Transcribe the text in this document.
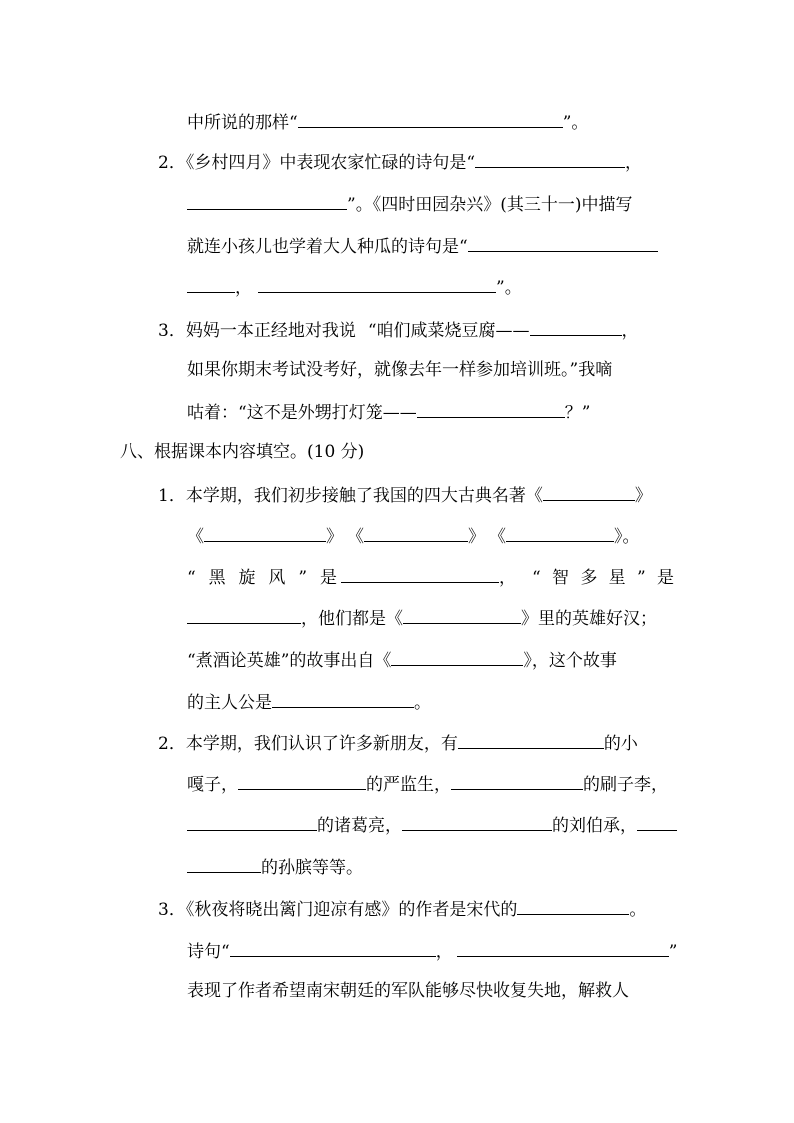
中所说的那样“	”。
2．《乡村四月》中表现农家忙碌的诗句是“	，
”。《四时田园杂兴》(其三十一)中描写
就连小孩儿也学着大人种瓜的诗句是“
，	”。
3．妈妈一本正经地对我说 “咱们咸菜烧豆腐——	，
如果你期末考试没考好，就像去年一样参加培训班。”我嘀
咕着：“这不是外甥打灯笼——	？”
八、根据课本内容填空。(10 分)
1．本学期，我们初步接触了我国的四大古典名著《	》
《	》 《	》 《	》。
“ 黑 旋 风 ” 是	， “ 智 多 星 ” 是
，他们都是《	》里的英雄好汉；
“煮酒论英雄”的故事出自《	》，这个故事
的主人公是	。
2．本学期，我们认识了许多新朋友，有	的小
嘎子，	的严监生，	的刷子李，
的诸葛亮，	的刘伯承，
的孙膑等等。
3．《秋夜将晓出篱门迎凉有感》的作者是宋代的	。
诗句“	，	”
表现了作者希望南宋朝廷的军队能够尽快收复失地，解救人
